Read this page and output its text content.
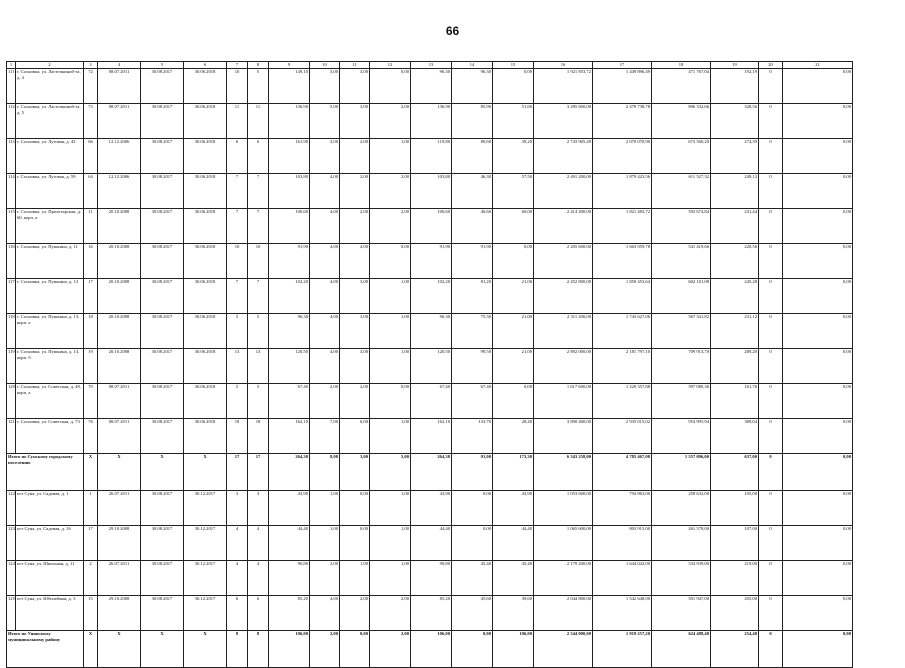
66
1	2	3	4	5	6	7	8	9	10	11	12	13	14	15	16	17	18	19	20	21
111	г. Сосновка, ул. Ласточкиной-та, д. 4	72	08.07.2011	30.08.2017	30.06.2018	10	5	149,10	3,00	3,00	0,00	96,30	96,30	0,00	1 921 853,72	1 449 896,49	471 767,04	192,19	0	0,00
112	г. Сосновка, ул. Ласточкиной-та, д. 5	73	08.07.2011	30.08.2017	30.06.2018	11	11	136,90	5,00	3,00	2,00	136,90	85,90	51,60	3 285 600,00	2 478 738,78	806 332,66	328,56	0	0,00
113	г. Сосновка, ул. Луговая, д. 43	66	12.12.2006	30.08.2017	30.06.2018	6	6	161,90	3,00	2,00	1,00	119,80	80,60	39,20	2 743 905,49	2 070 070,90	673 560,20	274,39	0	0,00
114	г. Сосновка, ул. Луговая, д. 59	64	12.12.2006	30.08.2017	30.06.2018	7	7	103,80	4,00	2,00	2,00	103,80	46,30	57,50	2 491 200,00	1 879 423,56	611 527,32	249,12	0	0,00
115	г. Сосновка, ул. Пролетарская, д. 60, корп. а	11	20.10.2008	30.08.2017	30.06.2018	7	7	100,60	4,00	2,00	2,00	100,60	40,60	60,00	2 414 400,00	1 821 483,72	592 674,84	241,44	0	0,00
116	г. Сосновка, ул. Пушкина, д. 11	16	20.10.2008	30.08.2017	30.06.2018	10	10	91,90	4,00	4,00	0,00	91,90	91,90	0,00	2 205 600,00	1 663 959,78	541 419,66	220,56	0	0,00
117	г. Сосновка, ул. Пушкина, д. 13	17	20.10.2008	30.08.2017	30.06.2018	7	7	102,20	4,00	3,00	1,00	102,20	81,20	21,00	2 452 800,00	1 850 453,64	602 101,08	245,28	0	0,00
118	г. Сосновка, ул. Пушкина, д. 13, корп. а	18	20.10.2008	30.08.2017	30.06.2018	5	5	96,30	4,00	3,00	1,00	96,30	75,30	21,00	2 311 200,00	1 743 627,06	567 341,82	231,12	0	0,00
119	г. Сосновка, ул. Пушкина, д. 13, корп. б	19	20.10.2008	30.08.2017	30.06.2018	13	13	120,50	4,00	3,00	1,00	120,50	99,50	21,00	2 892 000,00	2 181 797,10	709 913,70	289,20	0	0,00
120	г. Сосновка, ул. Советская, д. 48, корп. а	70	08.07.2011	30.08.2017	30.06.2018	5	5	67,40	2,00	2,00	0,00	67,40	67,40	0,00	1 617 600,00	1 220 357,88	397 080,36	161,76	0	0,00
121	г. Сосновка, ул. Советская, д. 73	76	08.07.2011	30.08.2017	30.06.2018	18	18	162,10	7,00	6,00	1,00	162,10	133,70	28,40	3 890 400,00	2 935 015,02	954 995,94	389,04	0	0,00
Итого по Сунскому городскому поселению		X	X	X	X	17	17	264,30	8,00	3,00	5,00	264,30	91,00	173,30	6 343 258,00	4 785 467,00	1 557 096,00	637,00	0	0,00
122	пгт Суна, ул. Садовая, д. 1	1	26.07.2011	30.08.2017	30.12.2017	3	3	43,90	1,00	0,00	1,00	43,90	0,00	43,90	1 053 600,00	794 863,00	258 632,00	105,00	0	0,00
123	пгт Суна, ул. Садовая, д. 16	17	29.10.2008	30.08.2017	30.12.2017	4	4	44,40	1,00	0,00	1,00	44,40	0,00	44,40	1 065 600,00	803 915,00	261 578,00	107,00	0	0,00
124	пгт Суна, ул. Школьная, д. 11	2	26.07.2011	30.08.2017	30.12.2017	4	4	90,80	2,00	1,00	1,00	90,80	45,40	45,40	2 179 200,00	1 644 042,00	534 939,00	219,00	0	0,00
125	пгт Суна, ул. Юбилейная, д. 3	15	29.10.2008	30.08.2017	30.12.2017	6	6	85,20	4,00	2,00	2,00	85,20	45,60	39,60	2 044 800,00	1 542 648,00	501 947,00	205,00	0	0,00
Итого по Унинскому муниципальному району		X	X	X	X	8	8	106,00	2,00	0,00	2,00	106,00	0,00	106,00	2 544 000,00	1 919 257,20	624 488,40	254,40	0	0,00
